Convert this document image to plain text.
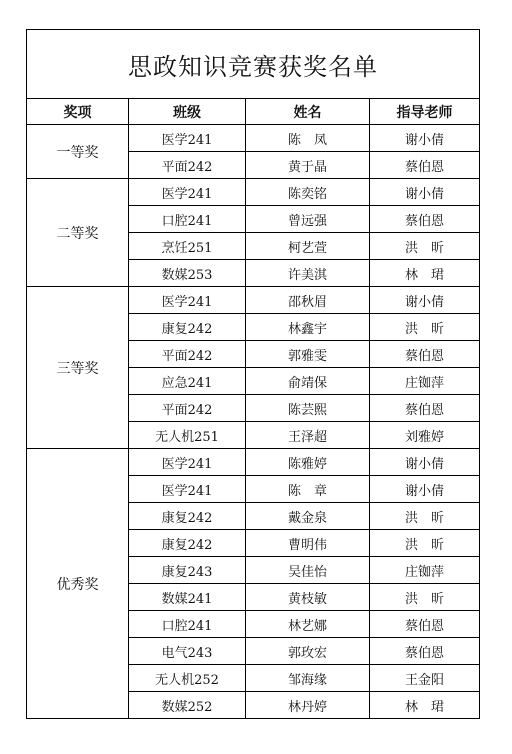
思政知识竞赛获奖名单			
奖项	班级	姓名	指导老师
一等奖	医学241	陈　凤	谢小倩
	平面242	黄于晶	蔡伯恩
二等奖	医学241	陈奕铭	谢小倩
	口腔241	曾远强	蔡伯恩
	烹饪251	柯艺萱	洪　昕
	数媒253	许美淇	林　珺
三等奖	医学241	邵秋眉	谢小倩
	康复242	林鑫宇	洪　昕
	平面242	郭雅雯	蔡伯恩
	应急241	俞靖保	庄铷萍
	平面242	陈芸熙	蔡伯恩
	无人机251	王泽超	刘雅婷
优秀奖	医学241	陈雅婷	谢小倩
	医学241	陈　章	谢小倩
	康复242	戴金泉	洪　昕
	康复242	曹明伟	洪　昕
	康复243	吴佳怡	庄铷萍
	数媒241	黄枝敏	洪　昕
	口腔241	林艺娜	蔡伯恩
	电气243	郭玫宏	蔡伯恩
	无人机252	邹海缘	王金阳
	数媒252	林丹婷	林　珺
